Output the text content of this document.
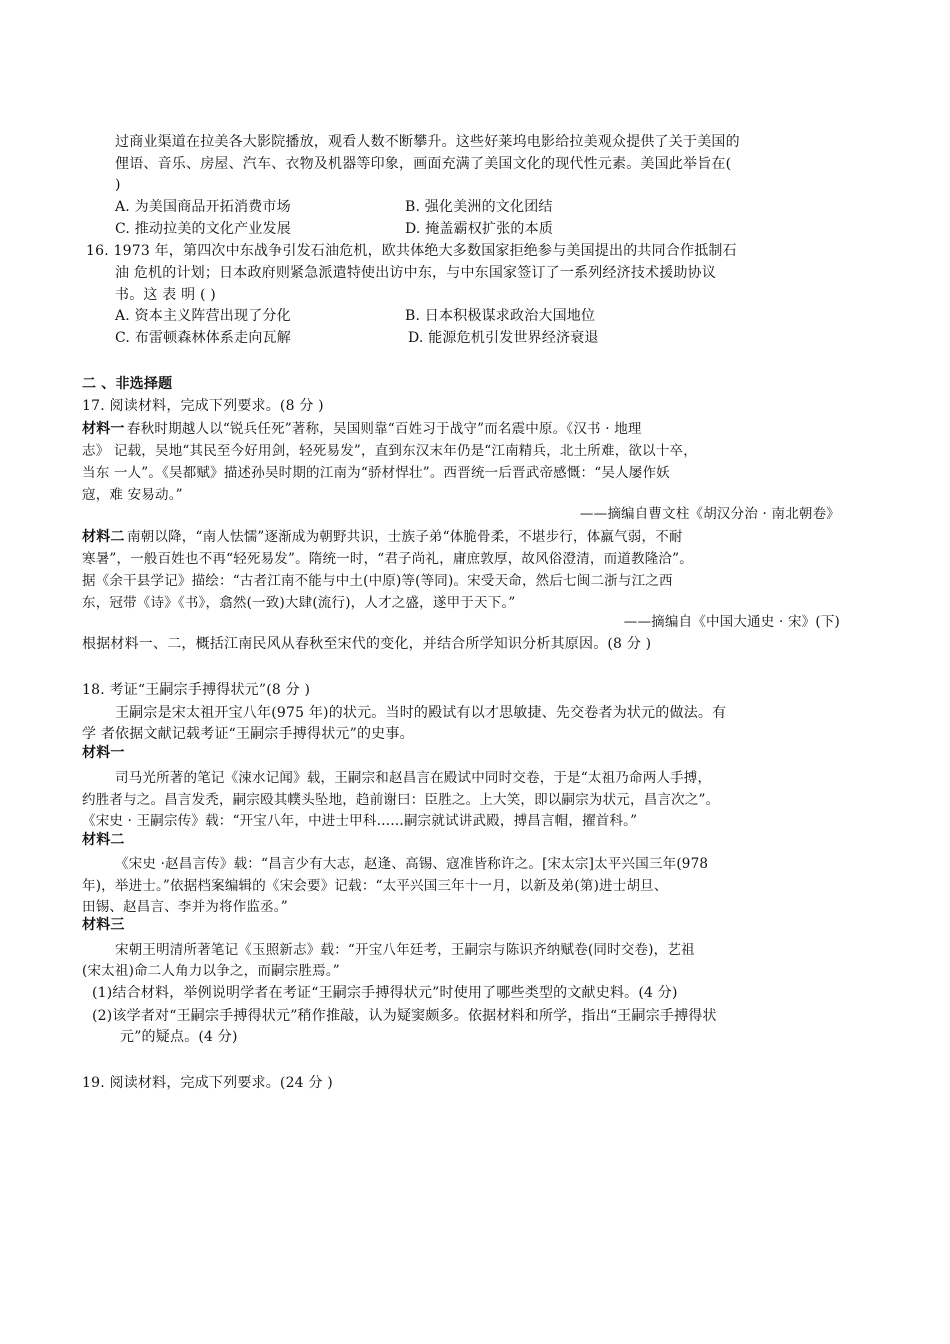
过商业渠道在拉美各大影院播放，观看人数不断攀升。这些好莱坞电影给拉美观众提供了关于美国的
俚语、音乐、房屋、汽车、衣物及机器等印象，画面充满了美国文化的现代性元素。美国此举旨在(
)
A. 为美国商品开拓消费市场	B. 强化美洲的文化团结
C. 推动拉美的文化产业发展	D. 掩盖霸权扩张的本质
16. 1973 年，第四次中东战争引发石油危机，欧共体绝大多数国家拒绝参与美国提出的共同合作抵制石
油 危机的计划；日本政府则紧急派遣特使出访中东，与中东国家签订了一系列经济技术援助协议
书。这 表 明 ( )
A. 资本主义阵营出现了分化	B. 日本积极谋求政治大国地位
C. 布雷顿森林体系走向瓦解	D. 能源危机引发世界经济衰退
二 、非选择题
17. 阅读材料，完成下列要求。(8 分 )
材料一 春秋时期越人以“锐兵任死”著称，吴国则靠“百姓习于战守”而名震中原。《汉书 · 地理
志》 记载，吴地“其民至今好用剑，轻死易发”，直到东汉末年仍是“江南精兵，北土所难，欲以十卒，
当东 一人”。《吴都赋》描述孙吴时期的江南为“骄材悍壮”。西晋统一后晋武帝感慨：“吴人屡作妖
寇，难 安易动。”
——摘编自曹文柱《胡汉分治 · 南北朝卷》
材料二 南朝以降，“南人怯懦”逐渐成为朝野共识，士族子弟“体脆骨柔，不堪步行，体羸气弱，不耐
寒暑”，一般百姓也不再“轻死易发”。隋统一时，“君子尚礼，庸庶敦厚，故风俗澄清，而道教隆洽”。
据《余干县学记》描绘：“古者江南不能与中土(中原)等(等同)。宋受天命，然后七闽二浙与江之西
东，冠带《诗》《书》，翕然(一致)大肆(流行)，人才之盛，遂甲于天下。”
——摘编自《中国大通史 · 宋》(下)
根据材料一、二，概括江南民风从春秋至宋代的变化，并结合所学知识分析其原因。(8 分 )
18. 考证“王嗣宗手搏得状元”(8 分 )
王嗣宗是宋太祖开宝八年(975 年)的状元。当时的殿试有以才思敏捷、先交卷者为状元的做法。有
学 者依据文献记载考证“王嗣宗手搏得状元”的史事。
材料一
司马光所著的笔记《涑水记闻》载，王嗣宗和赵昌言在殿试中同时交卷，于是“太祖乃命两人手搏，
约胜者与之。昌言发秃，嗣宗殴其幞头坠地，趋前谢曰：臣胜之。上大笑，即以嗣宗为状元，昌言次之”。
《宋史 · 王嗣宗传》载：“开宝八年，中进士甲科……嗣宗就试讲武殿，搏昌言帽，擢首科。”
材料二
《宋史 ·赵昌言传》载：“昌言少有大志，赵逢、高锡、寇准皆称许之。[宋太宗]太平兴国三年(978
年)，举进士。”依据档案编辑的《宋会要》记载：“太平兴国三年十一月，以新及弟(第)进士胡旦、
田锡、赵昌言、李并为将作监丞。”
材料三
宋朝王明清所著笔记《玉照新志》载：“开宝八年廷考，王嗣宗与陈识齐纳赋卷(同时交卷)，艺祖
(宋太祖)命二人角力以争之，而嗣宗胜焉。”
(1)结合材料，举例说明学者在考证“王嗣宗手搏得状元”时使用了哪些类型的文献史料。(4 分)
(2)该学者对“王嗣宗手搏得状元”稍作推敲，认为疑窦颇多。依据材料和所学，指出“王嗣宗手搏得状
元”的疑点。(4 分)
19. 阅读材料，完成下列要求。(24 分 )
